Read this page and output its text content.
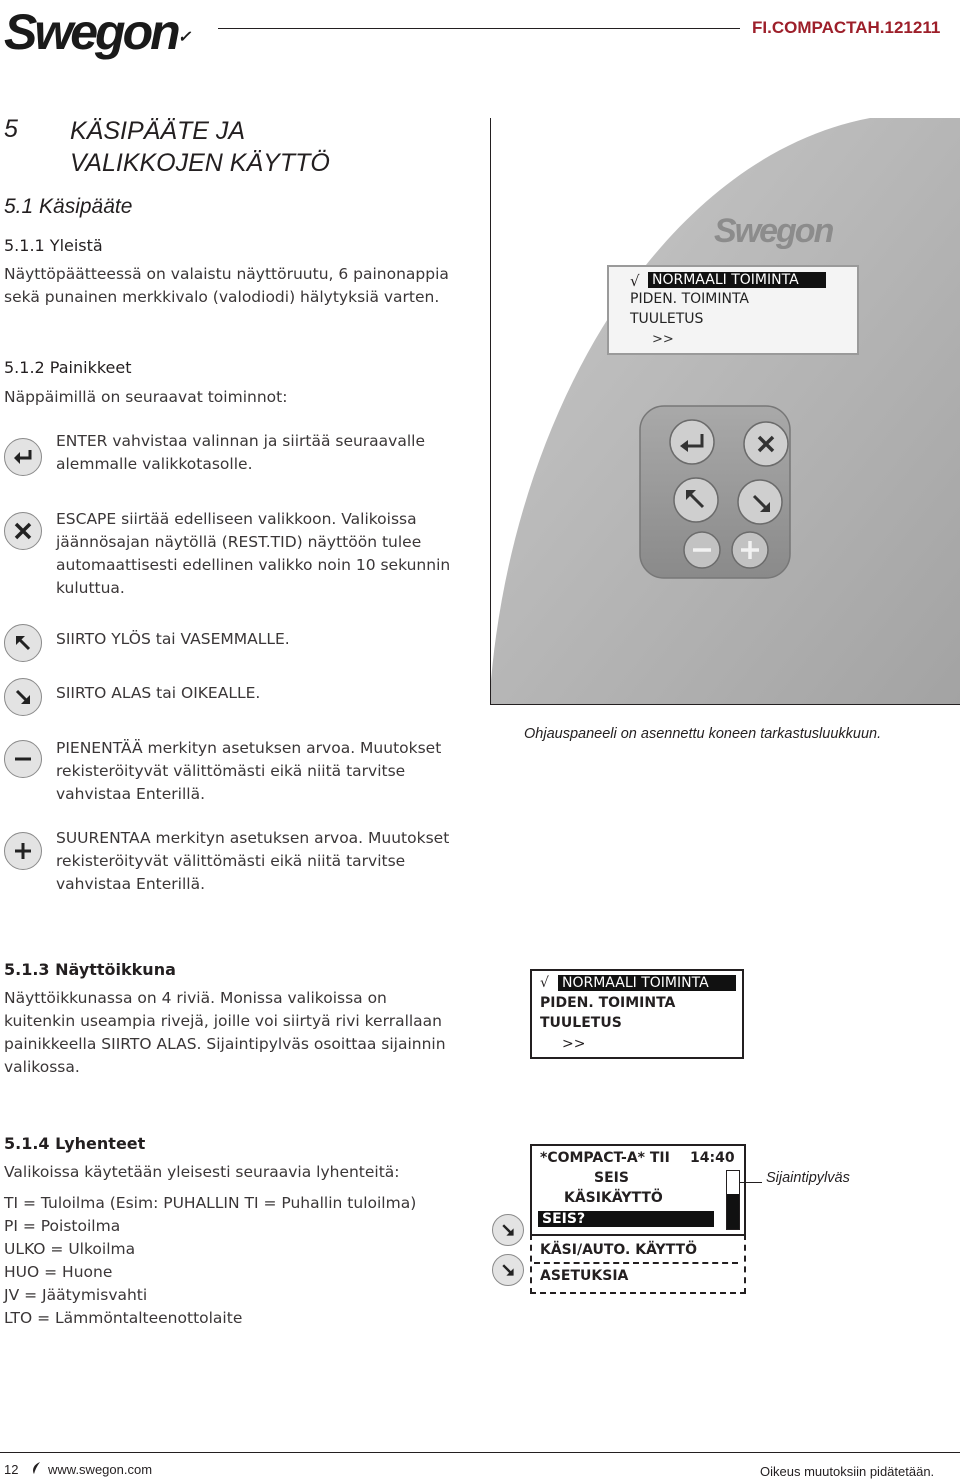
Swegon✓
FI.COMPACTAH.121211
5 KÄSIPÄÄTE JA VALIKKOJEN KÄYTTÖ
5.1 Käsipääte
5.1.1 Yleistä
Näyttöpäätteessä on valaistu näyttöruutu, 6 painonappia sekä punainen merkkivalo (valodiodi) hälytyksiä varten.
5.1.2 Painikkeet
Näppäimillä on seuraavat toiminnot:
ENTER vahvistaa valinnan ja siirtää seuraavalle alemmalle valikkotasolle.
ESCAPE siirtää edelliseen valikkoon. Valikoissa jäännösajan näytöllä (REST.TID) näyttöön tulee automaattisesti edellinen valikko noin 10 sekunnin kuluttua.
SIIRTO YLÖS tai VASEMMALLE.
SIIRTO ALAS tai OIKEALLE.
PIENENTÄÄ merkityn asetuksen arvoa. Muutokset rekisteröityvät välittömästi eikä niitä tarvitse vahvistaa Enterillä.
SUURENTAA merkityn asetuksen arvoa. Muutokset rekisteröityvät välittömästi eikä niitä tarvitse vahvistaa Enterillä.
Swegon
√ NORMAALI TOIMINTA
PIDEN. TOIMINTA
TUULETUS
>>
Ohjauspaneeli on asennettu koneen tarkastusluukkuun.
5.1.3 Näyttöikkuna
Näyttöikkunassa on 4 riviä. Monissa valikoissa on kuitenkin useampia rivejä, joille voi siirtyä rivi kerrallaan painikkeella SIIRTO ALAS. Sijaintipylväs osoittaa sijainnin valikossa.
√ NORMAALI TOIMINTA
PIDEN. TOIMINTA
TUULETUS
>>
5.1.4 Lyhenteet
Valikoissa käytetään yleisesti seuraavia lyhenteitä:
TI = Tuloilma (Esim: PUHALLIN TI = Puhallin tuloilma)
PI = Poistoilma
ULKO = Ulkoilma
HUO = Huone
JV = Jäätymisvahti
LTO = Lämmöntalteenottolaite
*COMPACT-A* TII 14:40
SEIS
KÄSIKÄYTTÖ
SEIS?
KÄSI/AUTO. KÄYTTÖ
ASETUKSIA
Sijaintipylväs
12 www.swegon.com	Oikeus muutoksiin pidätetään.
